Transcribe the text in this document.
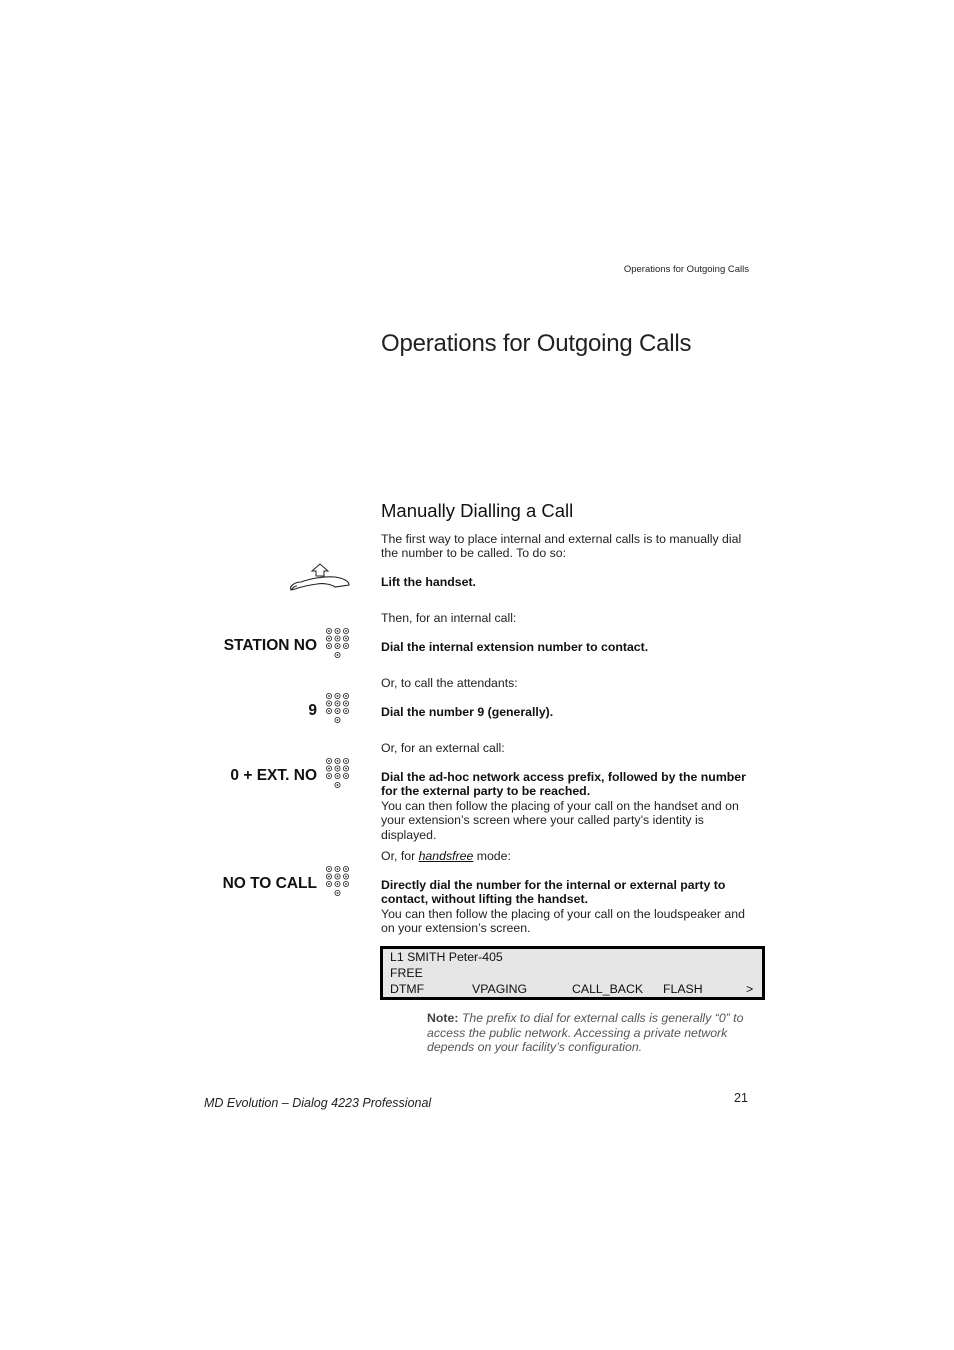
Operations for Outgoing Calls
Operations for Outgoing Calls
Manually Dialling a Call
The first way to place internal and external calls is to manually dial the number to be called. To do so:
Lift the handset.
Then, for an internal call:
STATION NO	Dial the internal extension number to contact.
Or, to call the attendants:
9	Dial the number 9 (generally).
Or, for an external call:
0 + EXT. NO	Dial the ad-hoc network access prefix, followed by the number for the external party to be reached.
You can then follow the placing of your call on the handset and on your extension’s screen where your called party’s identity is displayed.
Or, for handsfree mode:
NO TO CALL	Directly dial the number for the internal or external party to contact, without lifting the handset.
You can then follow the placing of your call on the loudspeaker and on your extension’s screen.
L1 SMITH Peter-405
FREE
DTMF	VPAGING	CALL_BACK FLASH	>
Note: The prefix to dial for external calls is generally “0” to access the public network. Accessing a private network depends on your facility’s configuration.
MD Evolution – Dialog 4223 Professional	21
